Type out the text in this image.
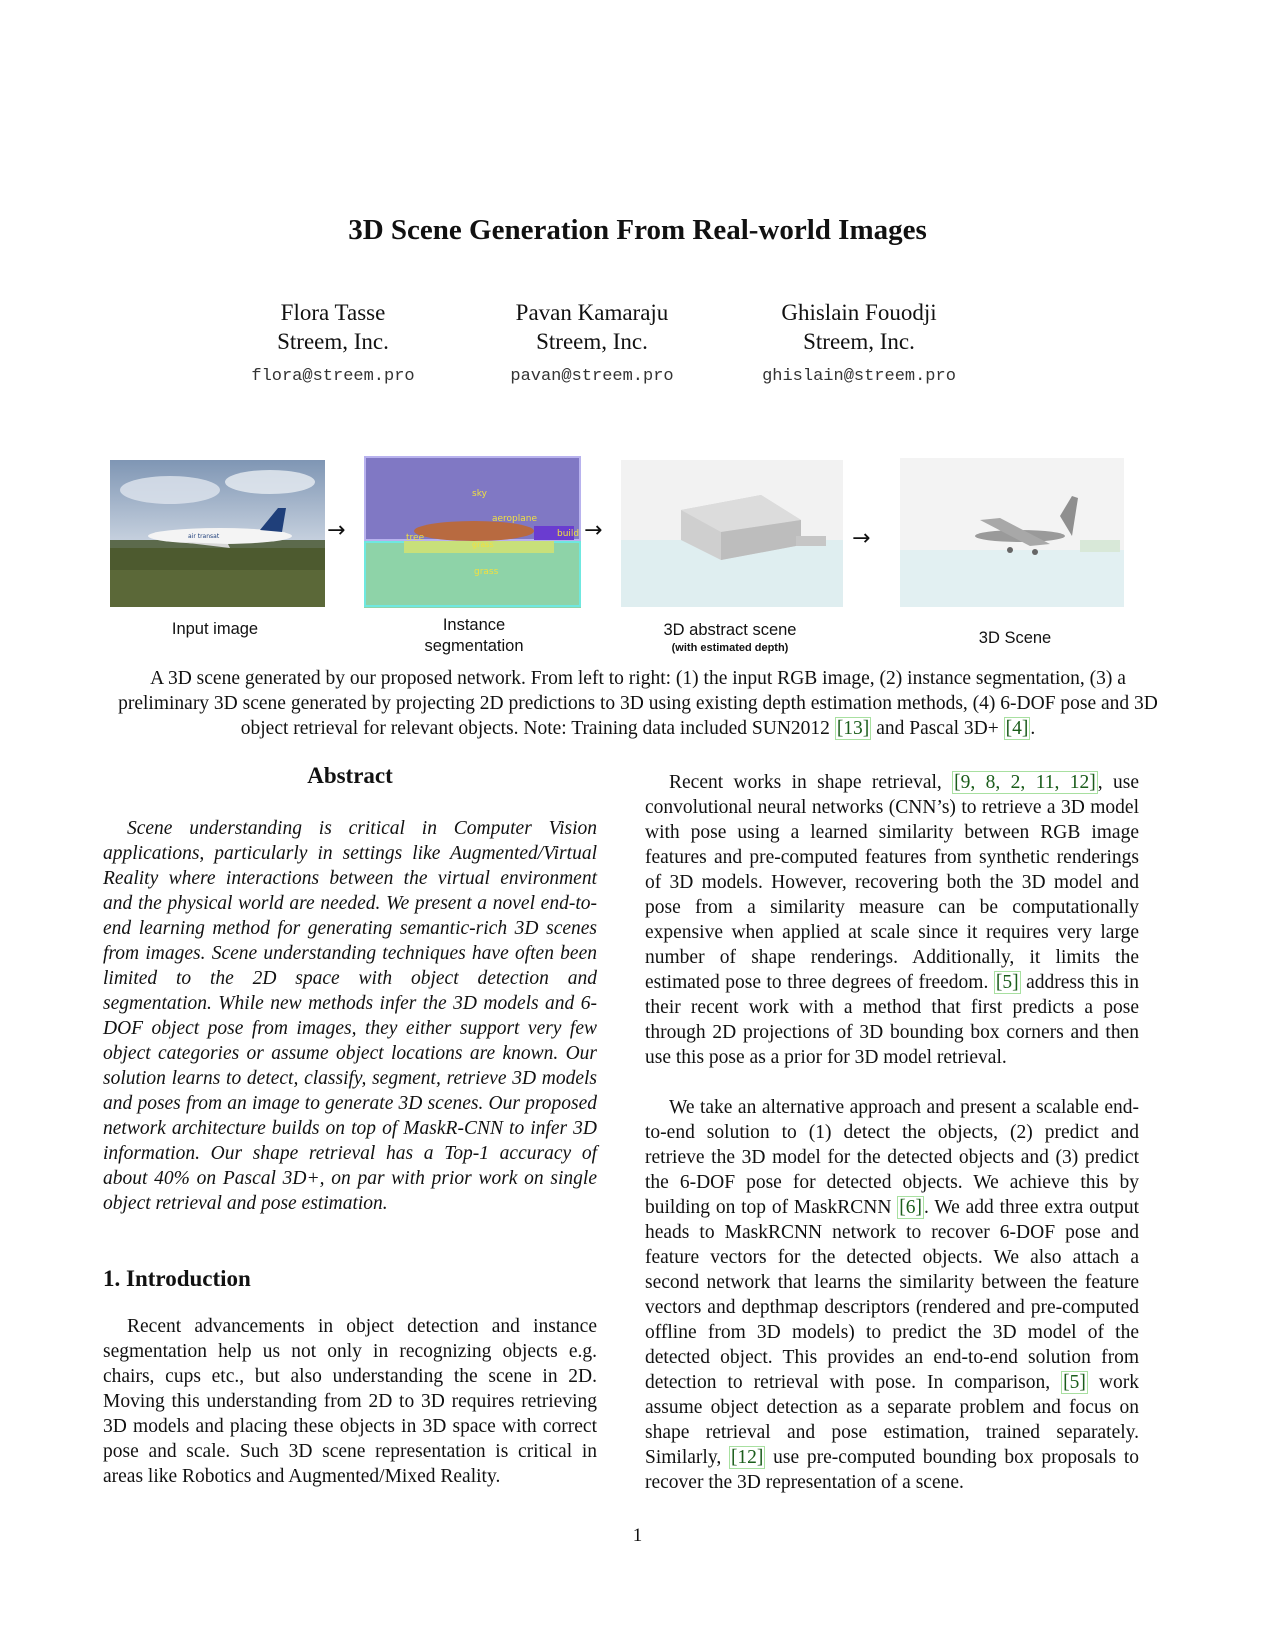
3D Scene Generation From Real-world Images
Flora Tasse
Streem, Inc.
flora@streem.pro
Pavan Kamaraju
Streem, Inc.
pavan@streem.pro
Ghislain Fouodji
Streem, Inc.
ghislain@streem.pro
air transat	→
sky
aeroplane
tree
grass
build
grass
→	→
Input image	Instance
segmentation
3D abstract scene
(with estimated depth)
3D Scene
A 3D scene generated by our proposed network. From left to right: (1) the input RGB image, (2) instance segmentation, (3) a preliminary 3D scene generated by projecting 2D predictions to 3D using existing depth estimation methods, (4) 6-DOF pose and 3D object retrieval for relevant objects. Note: Training data included SUN2012 [13] and Pascal 3D+ [4] .
Abstract
Scene understanding is critical in Computer Vision applications, particularly in settings like Augmented/Virtual Reality where interactions between the virtual environment and the physical world are needed. We present a novel end-to-end learning method for generating semantic-rich 3D scenes from images. Scene understanding techniques have often been limited to the 2D space with object detection and segmentation. While new methods infer the 3D models and 6-DOF object pose from images, they either support very few object categories or assume object locations are known. Our solution learns to detect, classify, segment, retrieve 3D models and poses from an image to generate 3D scenes. Our proposed network architecture builds on top of MaskR-CNN to infer 3D information. Our shape retrieval has a Top-1 accuracy of about 40% on Pascal 3D+, on par with prior work on single object retrieval and pose estimation.
1. Introduction
Recent advancements in object detection and instance segmentation help us not only in recognizing objects e.g. chairs, cups etc., but also understanding the scene in 2D. Moving this understanding from 2D to 3D requires retrieving 3D models and placing these objects in 3D space with correct pose and scale. Such 3D scene representation is critical in areas like Robotics and Augmented/Mixed Reality.

Recent works in shape retrieval, [9, 8, 2, 11, 12] , use convolutional neural networks (CNN’s) to retrieve a 3D model with pose using a learned similarity between RGB image features and pre-computed features from synthetic renderings of 3D models. However, recovering both the 3D model and pose from a similarity measure can be computationally expensive when applied at scale since it requires very large number of shape renderings. Additionally, it limits the estimated pose to three degrees of freedom. [5] address this in their recent work with a method that first predicts a pose through 2D projections of 3D bounding box corners and then use this pose as a prior for 3D model retrieval.

We take an alternative approach and present a scalable end-to-end solution to (1) detect the objects, (2) predict and retrieve the 3D model for the detected objects and (3) predict the 6-DOF pose for detected objects. We achieve this by building on top of MaskRCNN [6] . We add three extra output heads to MaskRCNN network to recover 6-DOF pose and feature vectors for the detected objects. We also attach a second network that learns the similarity between the feature vectors and depthmap descriptors (rendered and pre-computed offline from 3D models) to predict the 3D model of the detected object. This provides an end-to-end solution from detection to retrieval with pose. In comparison, [5] work assume object detection as a separate problem and focus on shape retrieval and pose estimation, trained separately. Similarly, [12] use pre-computed bounding box proposals to recover the 3D representation of a scene.

1
